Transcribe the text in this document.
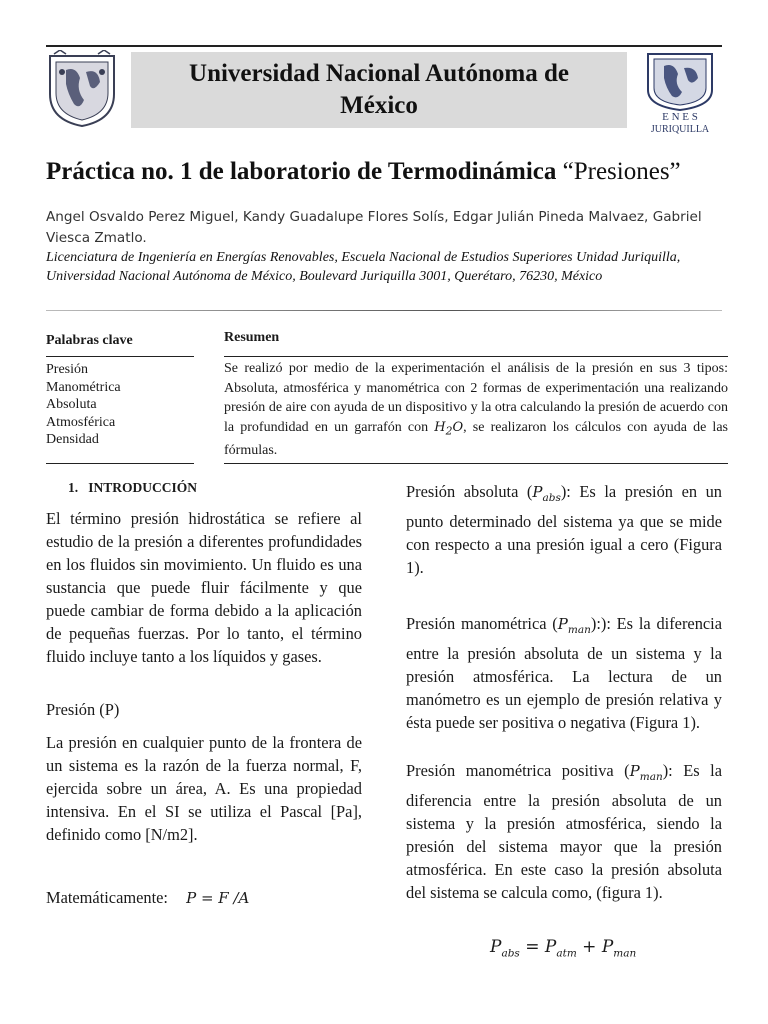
Universidad Nacional Autónoma de México	E N E S
JURIQUILLA
Práctica no. 1 de laboratorio de Termodinámica “Presiones”
Angel Osvaldo Perez Miguel, Kandy Guadalupe Flores Solís, Edgar Julián Pineda Malvaez, Gabriel Viesca Zmatlo.
Licenciatura de Ingeniería en Energías Renovables, Escuela Nacional de Estudios Superiores Unidad Juriquilla, Universidad Nacional Autónoma de México, Boulevard Juriquilla 3001, Querétaro, 76230, México
Palabras clave
Presión
Manométrica
Absoluta
Atmosférica
Densidad
Resumen
Se realizó por medio de la experimentación el análisis de la presión en sus 3 tipos: Absoluta, atmosférica y manométrica con 2 formas de experimentación una realizando presión de aire con ayuda de un dispositivo y la otra calculando la presión de acuerdo con la profundidad en un garrafón con $H_2O$, se realizaron los cálculos con ayuda de las fórmulas.
1.   INTRODUCCIÓN

El término presión hidrostática se refiere al estudio de la presión a diferentes profundidades en los fluidos sin movimiento. Un fluido es una sustancia que puede fluir fácilmente y que puede cambiar de forma debido a la aplicación de pequeñas fuerzas. Por lo tanto, el término fluido incluye tanto a los líquidos y gases.

Presión (P)

La presión en cualquier punto de la frontera de un sistema es la razón de la fuerza normal, F, ejercida sobre un área, A. Es una propiedad intensiva. En el SI se utiliza el Pascal [Pa], definido como [N/m2].

Matemáticamente: P = F /A

Presión absoluta $(P_{abs})$: Es la presión en un punto determinado del sistema ya que se mide con respecto a una presión igual a cero (Figura 1).

Presión manométrica $(P_{man})$:): Es la diferencia entre la presión absoluta de un sistema y la presión atmosférica. La lectura de un manómetro es un ejemplo de presión relativa y ésta puede ser positiva o negativa (Figura 1).

Presión manométrica positiva $(P_{man})$: Es la diferencia entre la presión absoluta de un sistema y la presión atmosférica, siendo la presión del sistema mayor que la presión atmosférica. En este caso la presión absoluta del sistema se calcula como, (figura 1).

$P_{abs} = P_{atm} + P_{man}$
